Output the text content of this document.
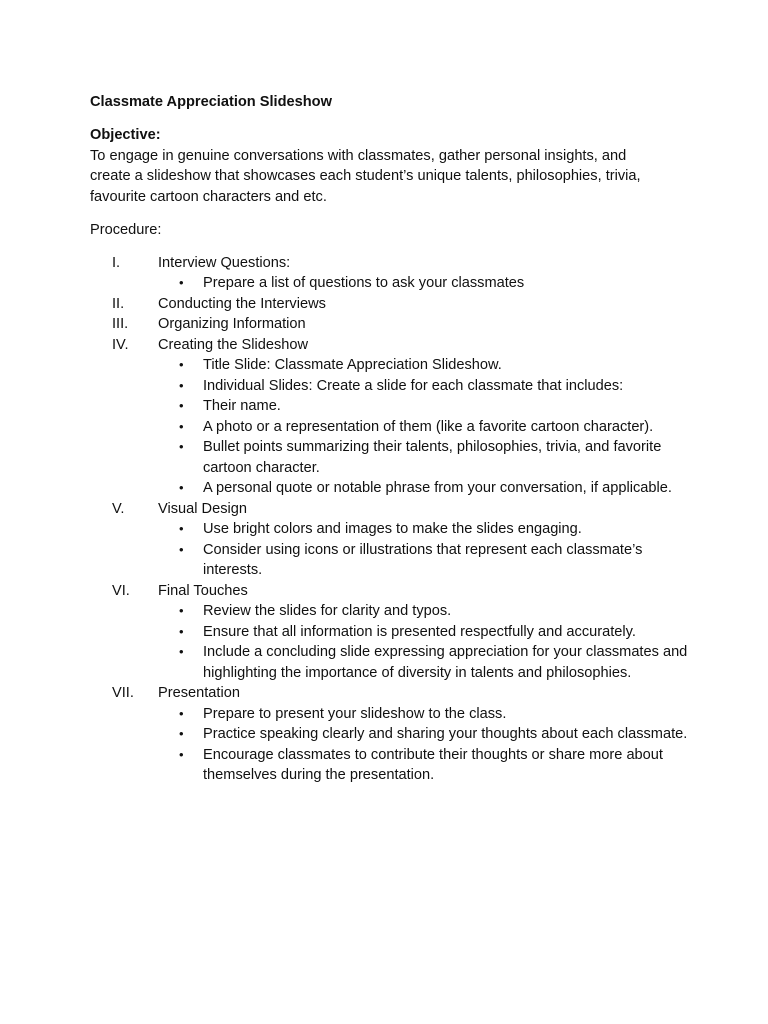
Classmate Appreciation Slideshow

Objective:

To engage in genuine conversations with classmates, gather personal insights, and create a slideshow that showcases each student’s unique talents, philosophies, trivia, favourite cartoon characters and etc.

Procedure:

I.	Interview Questions:
• Prepare a list of questions to ask your classmates
II. Conducting the Interviews
III. Organizing Information
IV. Creating the Slideshow
• Title Slide: Classmate Appreciation Slideshow.
• Individual Slides: Create a slide for each classmate that includes:
• Their name.
• A photo or a representation of them (like a favorite cartoon character).
• Bullet points summarizing their talents, philosophies, trivia, and favorite cartoon character.
• A personal quote or notable phrase from your conversation, if applicable.
V. Visual Design
• Use bright colors and images to make the slides engaging.
• Consider using icons or illustrations that represent each classmate’s interests.
VI. Final Touches
• Review the slides for clarity and typos.
• Ensure that all information is presented respectfully and accurately.
• Include a concluding slide expressing appreciation for your classmates and highlighting the importance of diversity in talents and philosophies.
VII. Presentation
• Prepare to present your slideshow to the class.
• Practice speaking clearly and sharing your thoughts about each classmate.
• Encourage classmates to contribute their thoughts or share more about themselves during the presentation.
